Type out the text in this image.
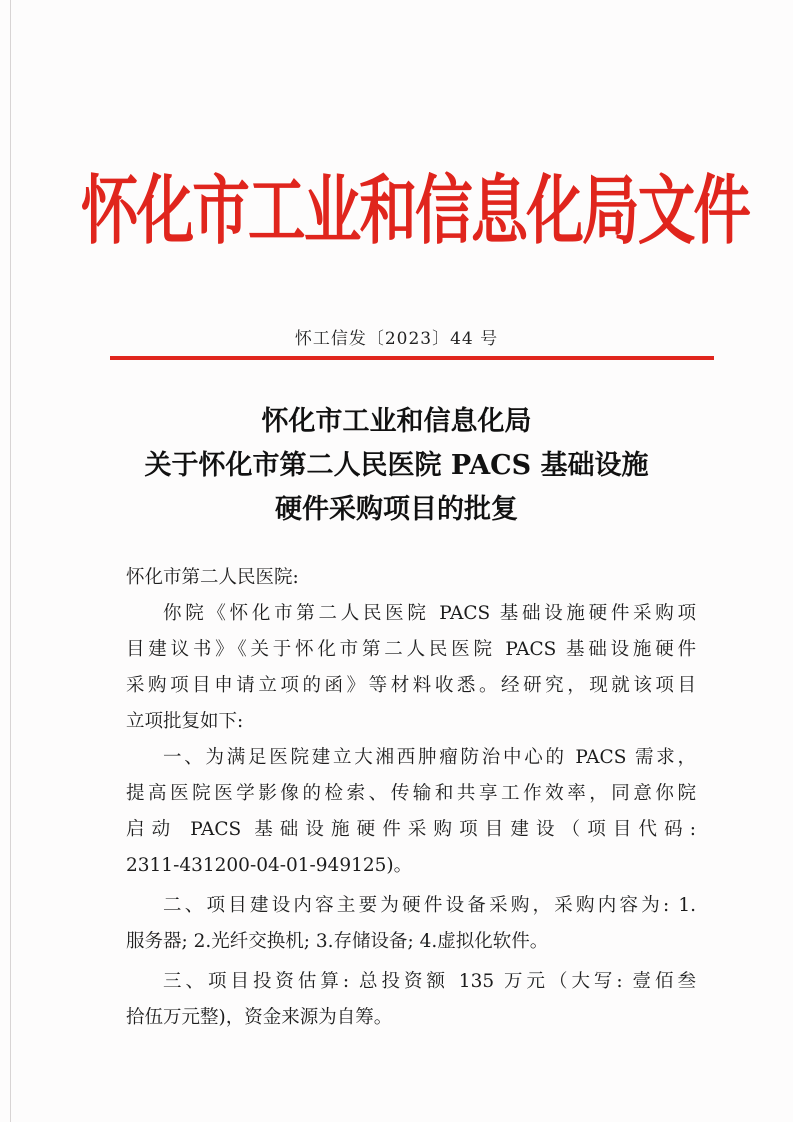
怀化市工业和信息化局文件
怀工信发〔2023〕44 号
怀化市工业和信息化局
关于怀化市第二人民医院 PACS 基础设施
硬件采购项目的批复
怀化市第二人民医院:
你院《怀化市第二人民医院 PACS 基础设施硬件采购项
目建议书》《关于怀化市第二人民医院 PACS 基础设施硬件
采购项目申请立项的函》等材料收悉。经研究，现就该项目
立项批复如下:
一、为满足医院建立大湘西肿瘤防治中心的 PACS 需求，
提高医院医学影像的检索、传输和共享工作效率，同意你院
启动 PACS 基础设施硬件采购项目建设（项目代码:
2311-431200-04-01-949125)。
二、项目建设内容主要为硬件设备采购，采购内容为: 1.
服务器; 2.光纤交换机; 3.存储设备; 4.虚拟化软件。
三、项目投资估算: 总投资额 135 万元（大写: 壹佰叁
拾伍万元整)，资金来源为自筹。
